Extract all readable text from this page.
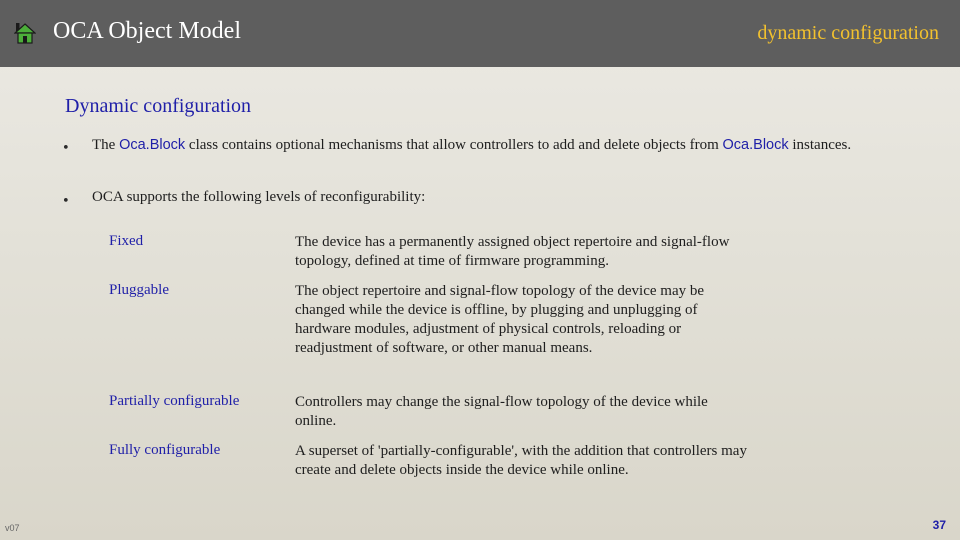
OCA Object Model	dynamic configuration
Dynamic configuration
• The Oca.Block class contains optional mechanisms that allow controllers to add and delete objects from Oca.Block instances.
• OCA supports the following levels of reconfigurability:
Fixed	The device has a permanently assigned object repertoire and signal-flow topology, defined at time of firmware programming.
Pluggable	The object repertoire and signal-flow topology of the device may be changed while the device is offline, by plugging and unplugging of hardware modules, adjustment of physical controls, reloading or readjustment of software, or other manual means.
Partially configurable	Controllers may change the signal-flow topology of the device while online.
Fully configurable	A superset of 'partially-configurable', with the addition that controllers may create and delete objects inside the device while online.
v07	37
